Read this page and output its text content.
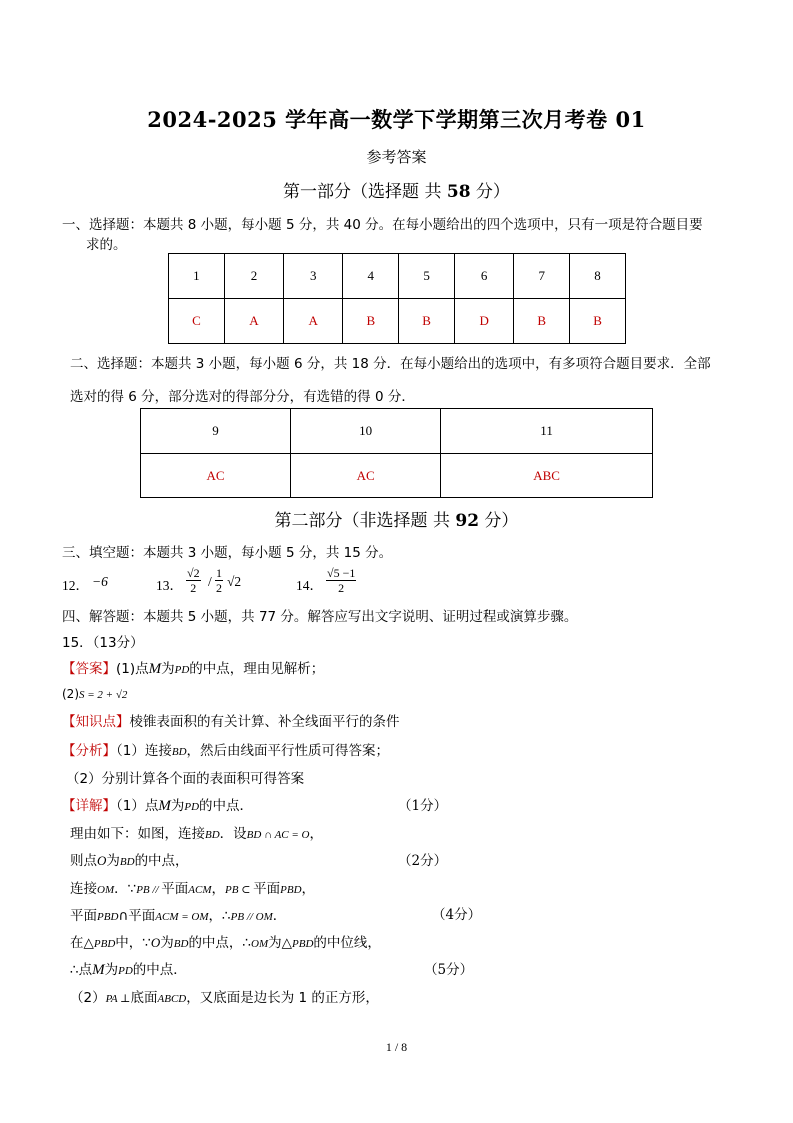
2024-2025 学年高一数学下学期第三次月考卷 01
参考答案
第一部分（选择题 共 58 分）
一、选择题：本题共 8 小题，每小题 5 分，共 40 分。在每小题给出的四个选项中，只有一项是符合题目要
求的。
1	2	3	4	5	6	7	8
C	A	A	B	B	D	B	B
二、选择题：本题共 3 小题，每小题 6 分，共 18 分．在每小题给出的选项中，有多项符合题目要求．全部
选对的得 6 分，部分选对的得部分分，有选错的得 0 分．
9	10	11
AC	AC	ABC
第二部分（非选择题 共 92 分）
三、填空题：本题共 3 小题，每小题 5 分，共 15 分。
12． −6	13． $\frac{√2}{2} / \frac{1}{2} √2$	14． $\frac{√5 -1}{2}$
四、解答题：本题共 5 小题，共 77 分。解答应写出文字说明、证明过程或演算步骤。
15．（13分）
【答案】(1)点M为PD的中点，理由见解析；
(2)S = 2 + √2
【知识点】棱锥表面积的有关计算、补全线面平行的条件
【分析】（1）连接BD，然后由线面平行性质可得答案；
（2）分别计算各个面的表面积可得答案
【详解】（1）点M为PD的中点．	（1分）
理由如下：如图，连接BD．设BD ∩ AC = O，
则点O为BD的中点，	（2分）
连接OM．∵PB // 平面ACM，PB ⊂ 平面PBD，
平面PBD∩平面ACM = OM，∴PB // OM．	（4分）
在△PBD中，∵O为BD的中点，∴OM为△PBD的中位线，
∴点M为PD的中点．	（5分）
（2）PA ⊥底面ABCD，又底面是边长为 1 的正方形，
1 / 8
